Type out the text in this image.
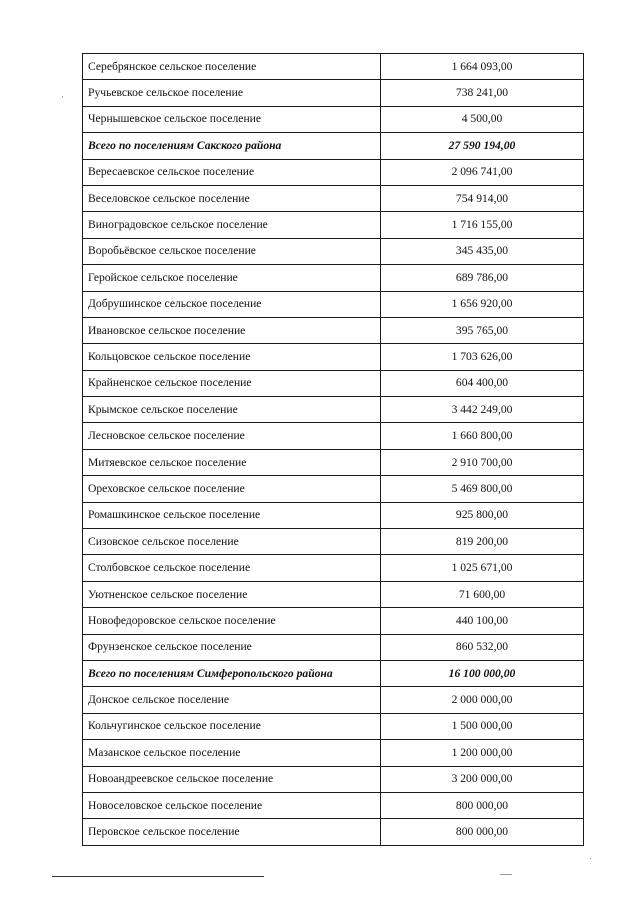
Серебрянское сельское поселение	1 664 093,00
Ручьевское сельское поселение	738 241,00
Чернышевское сельское поселение	4 500,00
Всего по поселениям Сакского района	27 590 194,00
Вересаевское сельское поселение	2 096 741,00
Веселовское сельское поселение	754 914,00
Виноградовское сельское поселение	1 716 155,00
Воробьёвское сельское поселение	345 435,00
Геройское сельское поселение	689 786,00
Добрушинское сельское поселение	1 656 920,00
Ивановское сельское поселение	395 765,00
Кольцовское сельское поселение	1 703 626,00
Крайненское сельское поселение	604 400,00
Крымское сельское поселение	3 442 249,00
Лесновское сельское поселение	1 660 800,00
Митяевское сельское поселение	2 910 700,00
Ореховское сельское поселение	5 469 800,00
Ромашкинское сельское поселение	925 800,00
Сизовское сельское поселение	819 200,00
Столбовское сельское поселение	1 025 671,00
Уютненское сельское поселение	71 600,00
Новофедоровское сельское поселение	440 100,00
Фрунзенское сельское поселение	860 532,00
Всего по поселениям Симферопольского района	16 100 000,00
Донское сельское поселение	2 000 000,00
Кольчугинское сельское поселение	1 500 000,00
Мазанское сельское поселение	1 200 000,00
Новоандреевское сельское поселение	3 200 000,00
Новоселовское сельское поселение	800 000,00
Перовское сельское поселение	800 000,00
